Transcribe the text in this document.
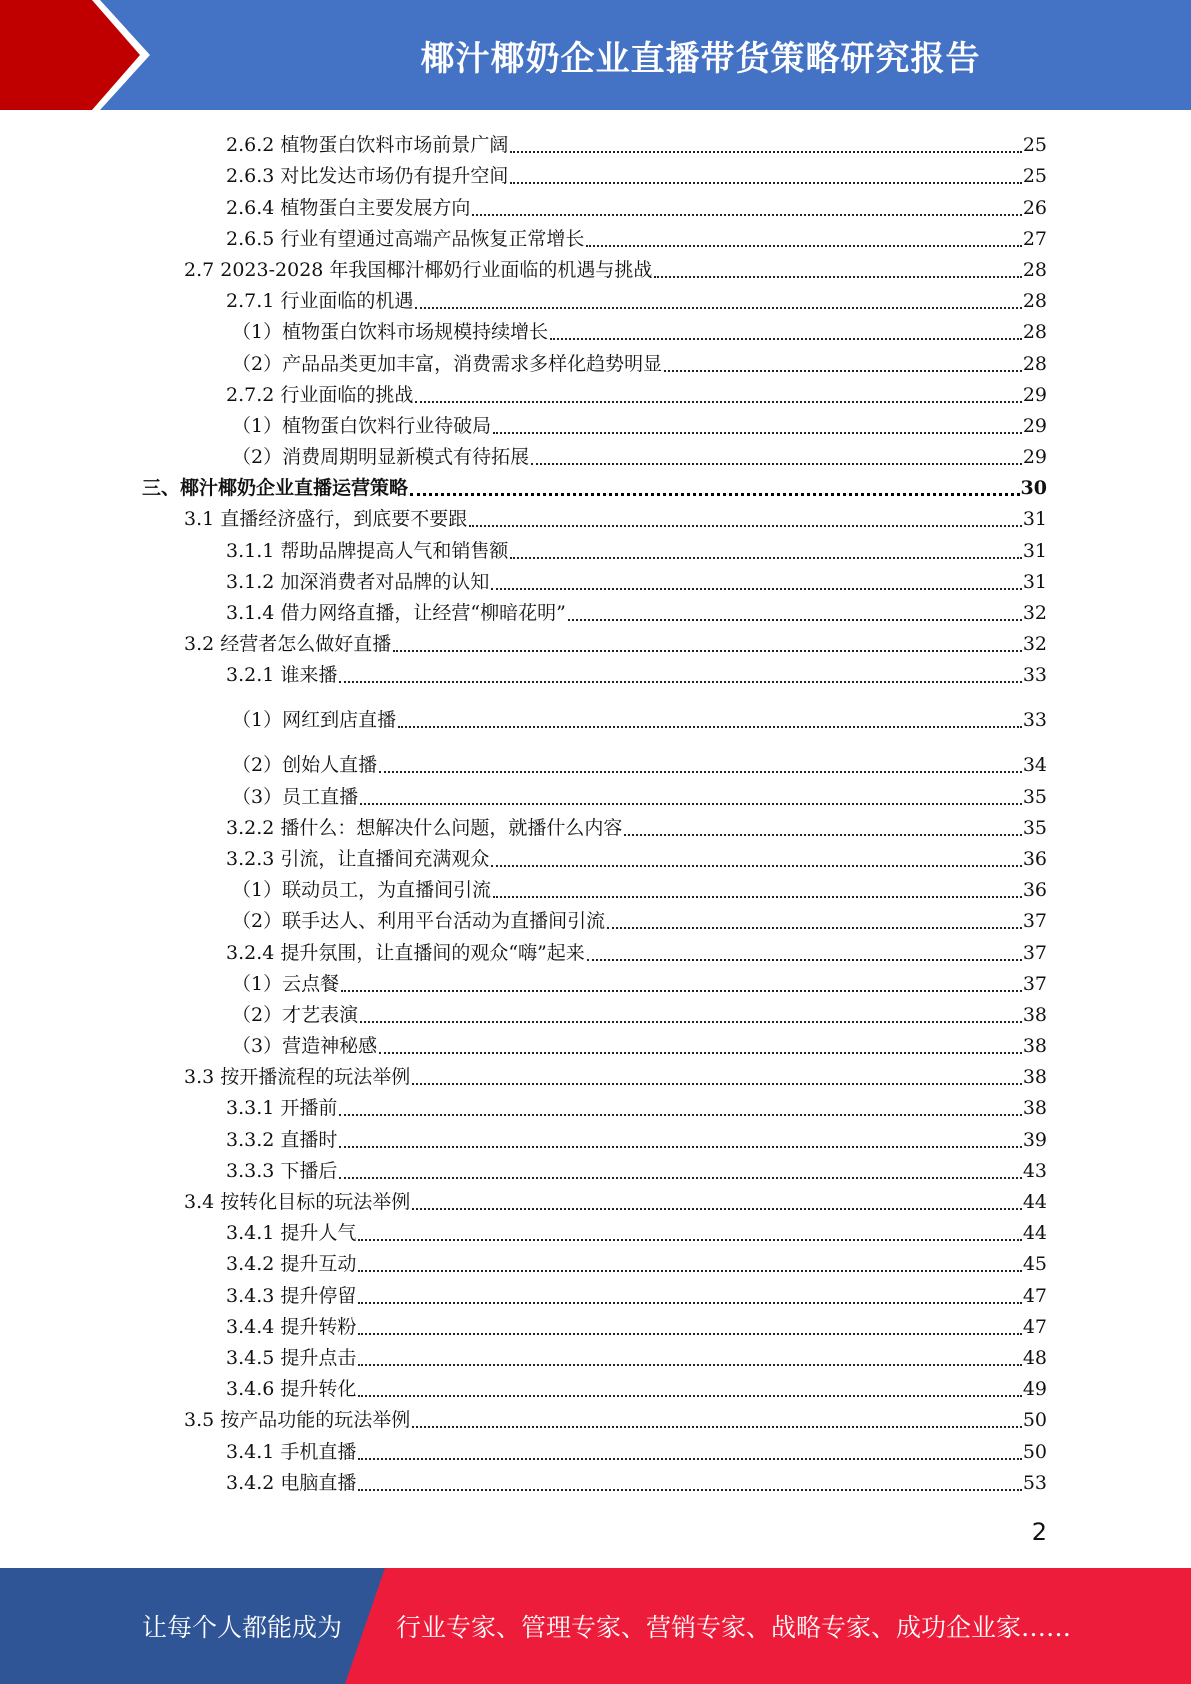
椰汁椰奶企业直播带货策略研究报告
2.6.2 植物蛋白饮料市场前景广阔	25
2.6.3 对比发达市场仍有提升空间	25
2.6.4 植物蛋白主要发展方向	26
2.6.5 行业有望通过高端产品恢复正常增长	27
2.7 2023-2028 年我国椰汁椰奶行业面临的机遇与挑战	28
2.7.1 行业面临的机遇	28
（1）植物蛋白饮料市场规模持续增长	28
（2）产品品类更加丰富，消费需求多样化趋势明显	28
2.7.2 行业面临的挑战	29
（1）植物蛋白饮料行业待破局	29
（2）消费周期明显新模式有待拓展	29
三、椰汁椰奶企业直播运营策略	30
3.1 直播经济盛行，到底要不要跟	31
3.1.1 帮助品牌提高人气和销售额	31
3.1.2 加深消费者对品牌的认知	31
3.1.4 借力网络直播，让经营“柳暗花明”	32
3.2 经营者怎么做好直播	32
3.2.1 谁来播	33
（1）网红到店直播	33
（2）创始人直播	34
（3）员工直播	35
3.2.2 播什么：想解决什么问题，就播什么内容	35
3.2.3 引流，让直播间充满观众	36
（1）联动员工，为直播间引流	36
（2）联手达人、利用平台活动为直播间引流	37
3.2.4 提升氛围，让直播间的观众“嗨”起来	37
（1）云点餐	37
（2）才艺表演	38
（3）营造神秘感	38
3.3 按开播流程的玩法举例	38
3.3.1 开播前	38
3.3.2 直播时	39
3.3.3 下播后	43
3.4 按转化目标的玩法举例	44
3.4.1 提升人气	44
3.4.2 提升互动	45
3.4.3 提升停留	47
3.4.4 提升转粉	47
3.4.5 提升点击	48
3.4.6 提升转化	49
3.5 按产品功能的玩法举例	50
3.4.1 手机直播	50
3.4.2 电脑直播	53
2
让每个人都能成为 行业专家、管理专家、营销专家、战略专家、成功企业家……
